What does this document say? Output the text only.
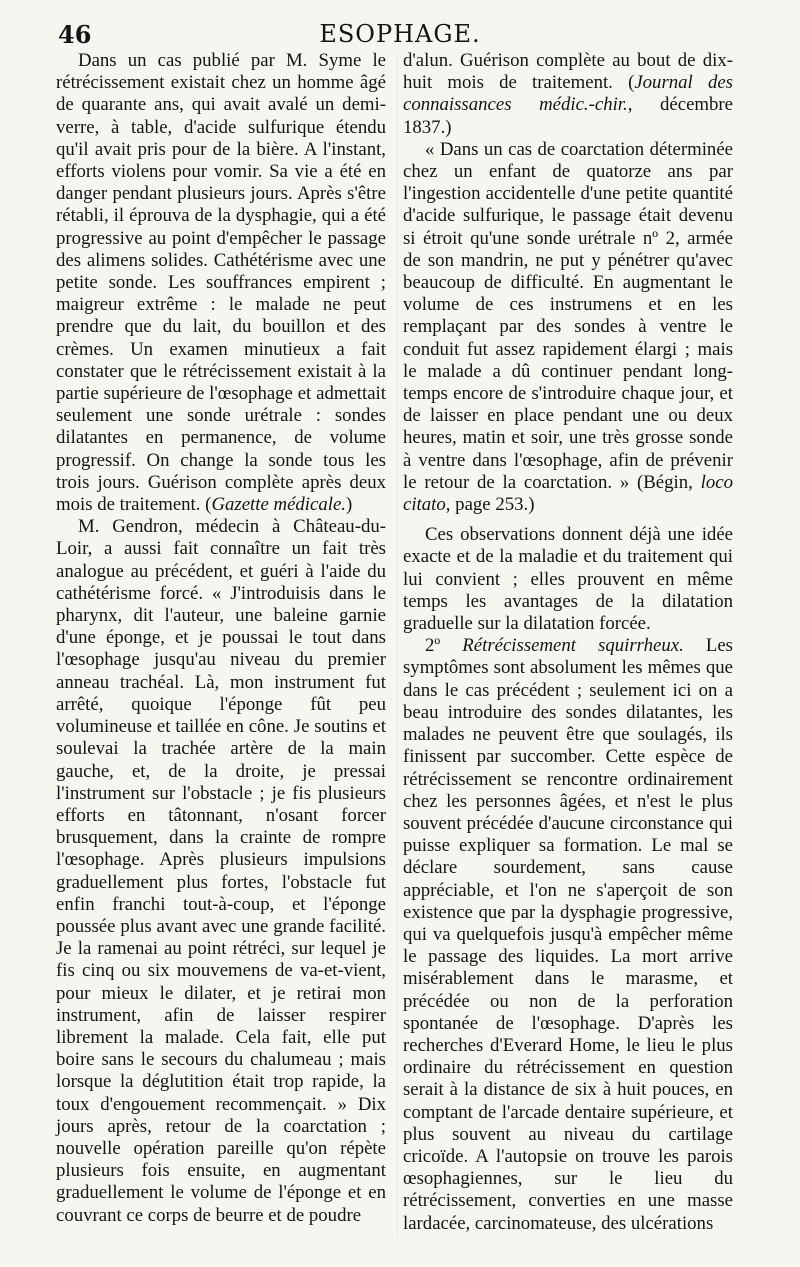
46	ESOPHAGE.

Dans un cas publié par M. Syme le rétrécissement existait chez un homme âgé de quarante ans, qui avait avalé un demi-verre, à table, d'acide sulfurique étendu qu'il avait pris pour de la bière. A l'instant, efforts violens pour vomir. Sa vie a été en danger pendant plusieurs jours. Après s'être rétabli, il éprouva de la dysphagie, qui a été progressive au point d'empêcher le passage des alimens solides. Cathétérisme avec une petite sonde. Les souffrances empirent ; maigreur extrême : le malade ne peut prendre que du lait, du bouillon et des crèmes. Un examen minutieux a fait constater que le rétrécissement existait à la partie supérieure de l'œsophage et admettait seulement une sonde urétrale : sondes dilatantes en permanence, de volume progressif. On change la sonde tous les trois jours. Guérison complète après deux mois de traitement. (Gazette médicale.)

M. Gendron, médecin à Château-du-Loir, a aussi fait connaître un fait très analogue au précédent, et guéri à l'aide du cathétérisme forcé. « J'introduisis dans le pharynx, dit l'auteur, une baleine garnie d'une éponge, et je poussai le tout dans l'œsophage jusqu'au niveau du premier anneau trachéal. Là, mon instrument fut arrêté, quoique l'éponge fût peu volumineuse et taillée en cône. Je soutins et soulevai la trachée artère de la main gauche, et, de la droite, je pressai l'instrument sur l'obstacle ; je fis plusieurs efforts en tâtonnant, n'osant forcer brusquement, dans la crainte de rompre l'œsophage. Après plusieurs impulsions graduellement plus fortes, l'obstacle fut enfin franchi tout-à-coup, et l'éponge poussée plus avant avec une grande facilité. Je la ramenai au point rétréci, sur lequel je fis cinq ou six mouvemens de va-et-vient, pour mieux le dilater, et je retirai mon instrument, afin de laisser respirer librement la malade. Cela fait, elle put boire sans le secours du chalumeau ; mais lorsque la déglutition était trop rapide, la toux d'engouement recommençait. » Dix jours après, retour de la coarctation ; nouvelle opération pareille qu'on répète plusieurs fois ensuite, en augmentant graduellement le volume de l'éponge et en couvrant ce corps de beurre et de poudre

d'alun. Guérison complète au bout de dix-huit mois de traitement. (Journal des connaissances médic.-chir., décembre 1837.)

« Dans un cas de coarctation déterminée chez un enfant de quatorze ans par l'ingestion accidentelle d'une petite quantité d'acide sulfurique, le passage était devenu si étroit qu'une sonde urétrale nº 2, armée de son mandrin, ne put y pénétrer qu'avec beaucoup de difficulté. En augmentant le volume de ces instrumens et en les remplaçant par des sondes à ventre le conduit fut assez rapidement élargi ; mais le malade a dû continuer pendant long-temps encore de s'introduire chaque jour, et de laisser en place pendant une ou deux heures, matin et soir, une très grosse sonde à ventre dans l'œsophage, afin de prévenir le retour de la coarctation. » (Bégin, loco citato, page 253.)

Ces observations donnent déjà une idée exacte et de la maladie et du traitement qui lui convient ; elles prouvent en même temps les avantages de la dilatation graduelle sur la dilatation forcée.

2º Rétrécissement squirrheux. Les symptômes sont absolument les mêmes que dans le cas précédent ; seulement ici on a beau introduire des sondes dilatantes, les malades ne peuvent être que soulagés, ils finissent par succomber. Cette espèce de rétrécissement se rencontre ordinairement chez les personnes âgées, et n'est le plus souvent précédée d'aucune circonstance qui puisse expliquer sa formation. Le mal se déclare sourdement, sans cause appréciable, et l'on ne s'aperçoit de son existence que par la dysphagie progressive, qui va quelquefois jusqu'à empêcher même le passage des liquides. La mort arrive misérablement dans le marasme, et précédée ou non de la perforation spontanée de l'œsophage. D'après les recherches d'Everard Home, le lieu le plus ordinaire du rétrécissement en question serait à la distance de six à huit pouces, en comptant de l'arcade dentaire supérieure, et plus souvent au niveau du cartilage cricoïde. A l'autopsie on trouve les parois œsophagiennes, sur le lieu du rétrécissement, converties en une masse lardacée, carcinomateuse, des ulcérations
